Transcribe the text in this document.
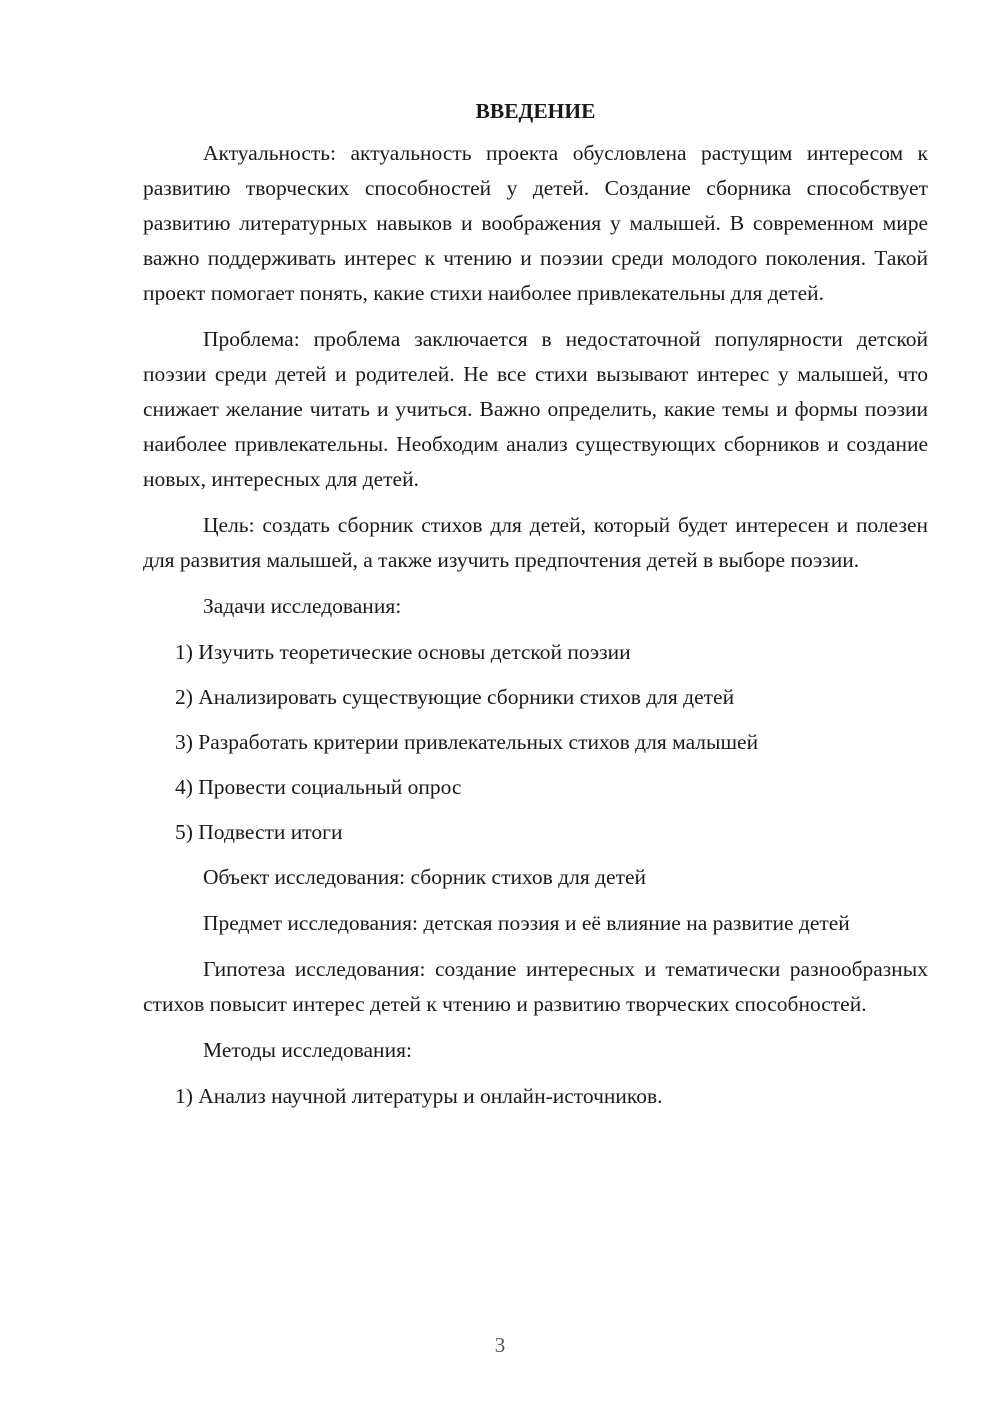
ВВЕДЕНИЕ

Актуальность: актуальность проекта обусловлена растущим интересом к развитию творческих способностей у детей. Создание сборника способствует развитию литературных навыков и воображения у малышей. В современном мире важно поддерживать интерес к чтению и поэзии среди молодого поколения. Такой проект помогает понять, какие стихи наиболее привлекательны для детей.

Проблема: проблема заключается в недостаточной популярности детской поэзии среди детей и родителей. Не все стихи вызывают интерес у малышей, что снижает желание читать и учиться. Важно определить, какие темы и формы поэзии наиболее привлекательны. Необходим анализ существующих сборников и создание новых, интересных для детей.

Цель: создать сборник стихов для детей, который будет интересен и полезен для развития малышей, а также изучить предпочтения детей в выборе поэзии.

Задачи исследования:

1) Изучить теоретические основы детской поэзии

2) Анализировать существующие сборники стихов для детей

3) Разработать критерии привлекательных стихов для малышей

4) Провести социальный опрос

5) Подвести итоги

Объект исследования: сборник стихов для детей

Предмет исследования: детская поэзия и её влияние на развитие детей

Гипотеза исследования: создание интересных и тематически разнообразных стихов повысит интерес детей к чтению и развитию творческих способностей.

Методы исследования:

1) Анализ научной литературы и онлайн-источников.

3
